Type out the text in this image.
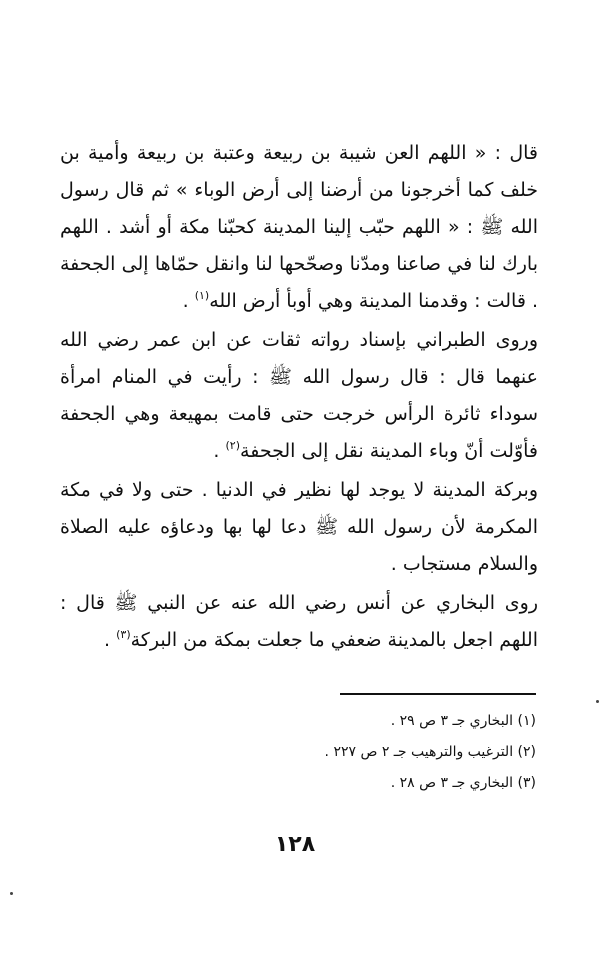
قال : « اللهم العن شيبة بن ربيعة وعتبة بن ربيعة وأمية بن خلف كما أخرجونا من أرضنا إلى أرض الوباء » ثم قال رسول الله ﷺ : « اللهم حبّب إلينا المدينة كحبّنا مكة أو أشد . اللهم بارك لنا في صاعنا ومدّنا وصحّحها لنا وانقل حمّاها إلى الجحفة . قالت : وقدمنا المدينة وهي أوبأ أرض الله$^{(١)}$ .

وروى الطبراني بإسناد رواته ثقات عن ابن عمر رضي الله عنهما قال : قال رسول الله ﷺ : رأيت في المنام امرأة سوداء ثائرة الرأس خرجت حتى قامت بمهيعة وهي الجحفة فأوّلت أنّ وباء المدينة نقل إلى الجحفة$^{(٢)}$ .

وبركة المدينة لا يوجد لها نظير في الدنيا . حتى ولا في مكة المكرمة لأن رسول الله ﷺ دعا لها بها ودعاؤه عليه الصلاة والسلام مستجاب .

روى البخاري عن أنس رضي الله عنه عن النبي ﷺ قال : اللهم اجعل بالمدينة ضعفي ما جعلت بمكة من البركة$^{(٣)}$ .

(١) البخاري جـ ٣ ص ٢٩ .

(٢) الترغيب والترهيب جـ ٢ ص ٢٢٧ .

(٣) البخاري جـ ٣ ص ٢٨ .

١٢٨
